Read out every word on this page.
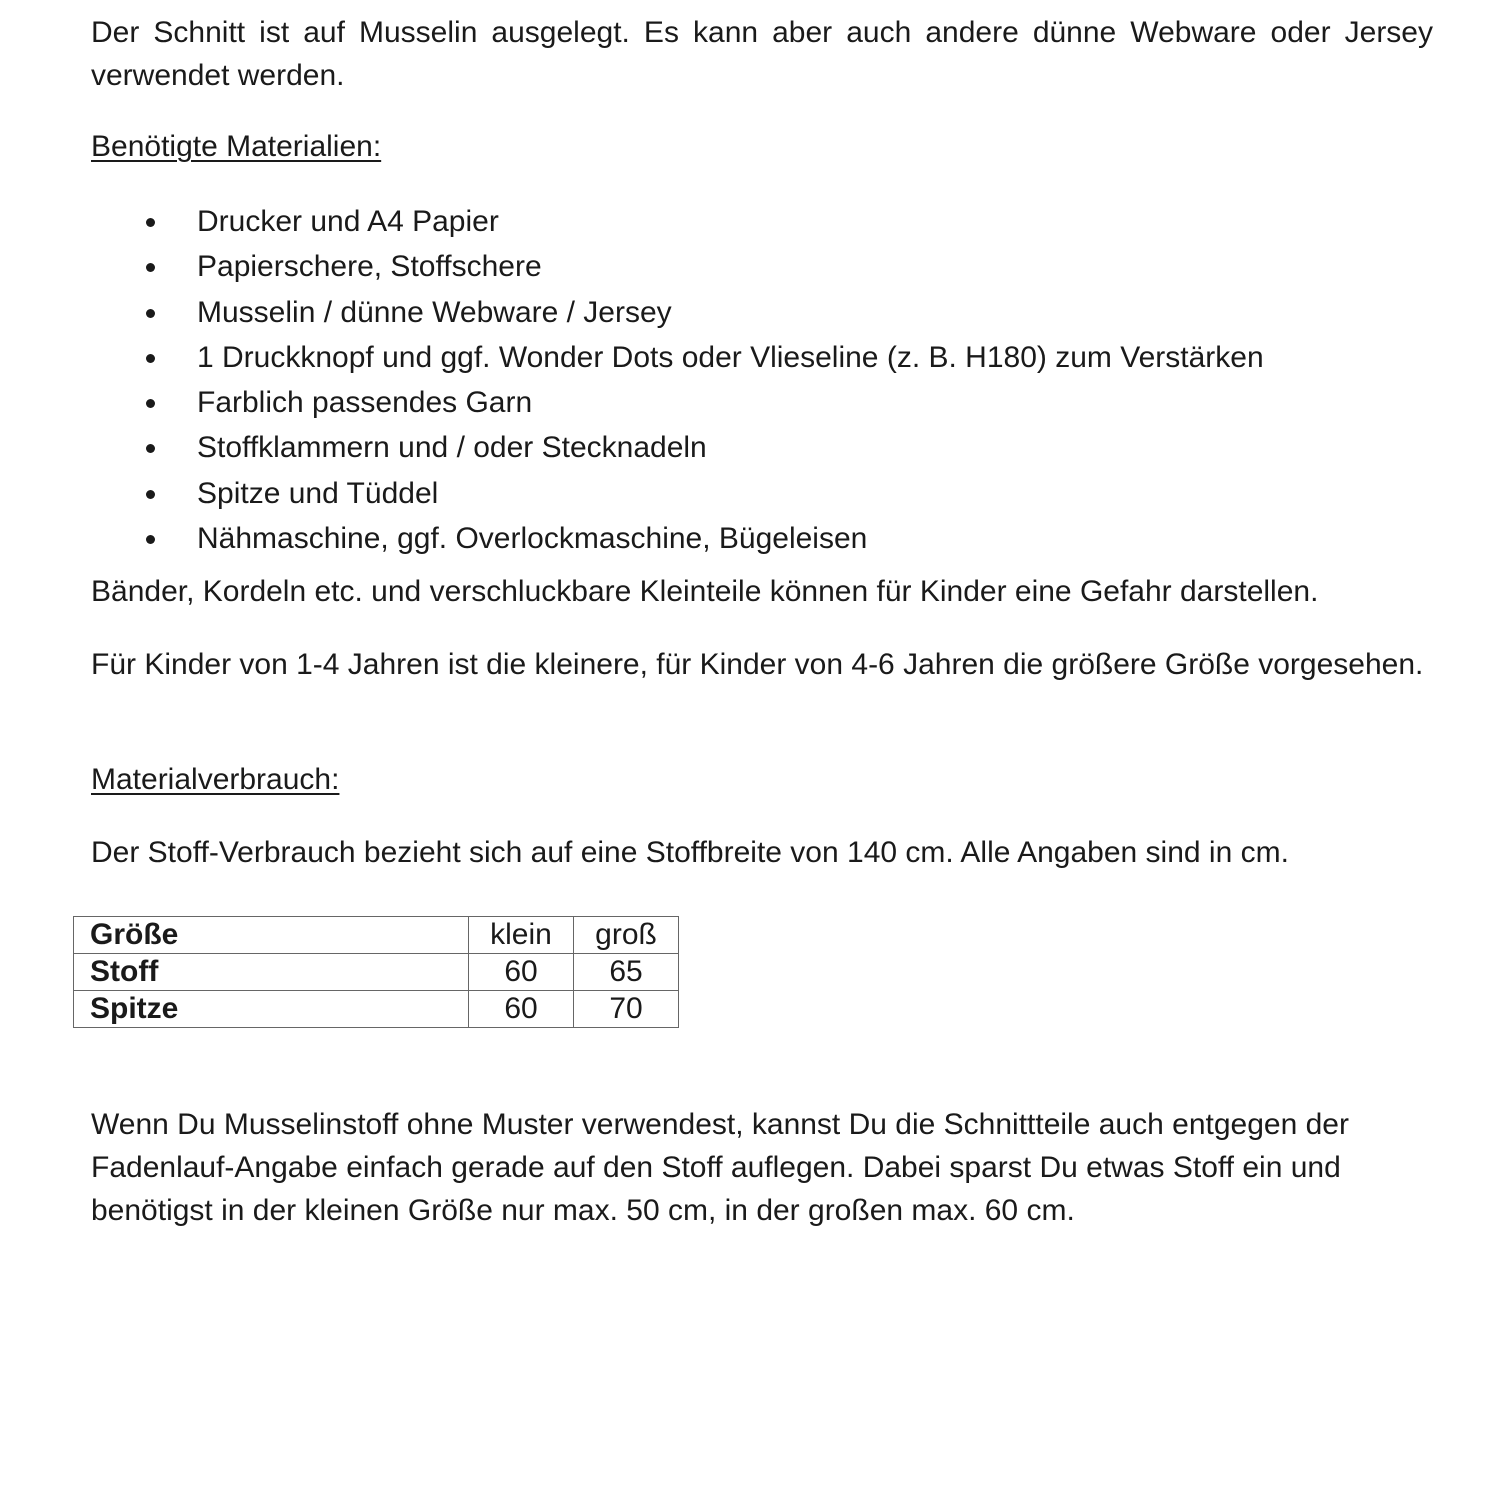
Der Schnitt ist auf Musselin ausgelegt. Es kann aber auch andere dünne Webware oder Jersey verwendet werden.

Benötigte Materialien:

Drucker und A4 Papier
Papierschere, Stoffschere
Musselin / dünne Webware / Jersey
1 Druckknopf und ggf. Wonder Dots oder Vlieseline (z. B. H180) zum Verstärken
Farblich passendes Garn
Stoffklammern und / oder Stecknadeln
Spitze und Tüddel
Nähmaschine, ggf. Overlockmaschine, Bügeleisen

Bänder, Kordeln etc. und verschluckbare Kleinteile können für Kinder eine Gefahr darstellen.

Für Kinder von 1-4 Jahren ist die kleinere, für Kinder von 4-6 Jahren die größere Größe vorgesehen.

Materialverbrauch:

Der Stoff-Verbrauch bezieht sich auf eine Stoffbreite von 140 cm. Alle Angaben sind in cm.

Größe	klein	groß
Stoff	60	65
Spitze	60	70

Wenn Du Musselinstoff ohne Muster verwendest, kannst Du die Schnittteile auch entgegen der Fadenlauf-Angabe einfach gerade auf den Stoff auflegen. Dabei sparst Du etwas Stoff ein und benötigst in der kleinen Größe nur max. 50 cm, in der großen max. 60 cm.
